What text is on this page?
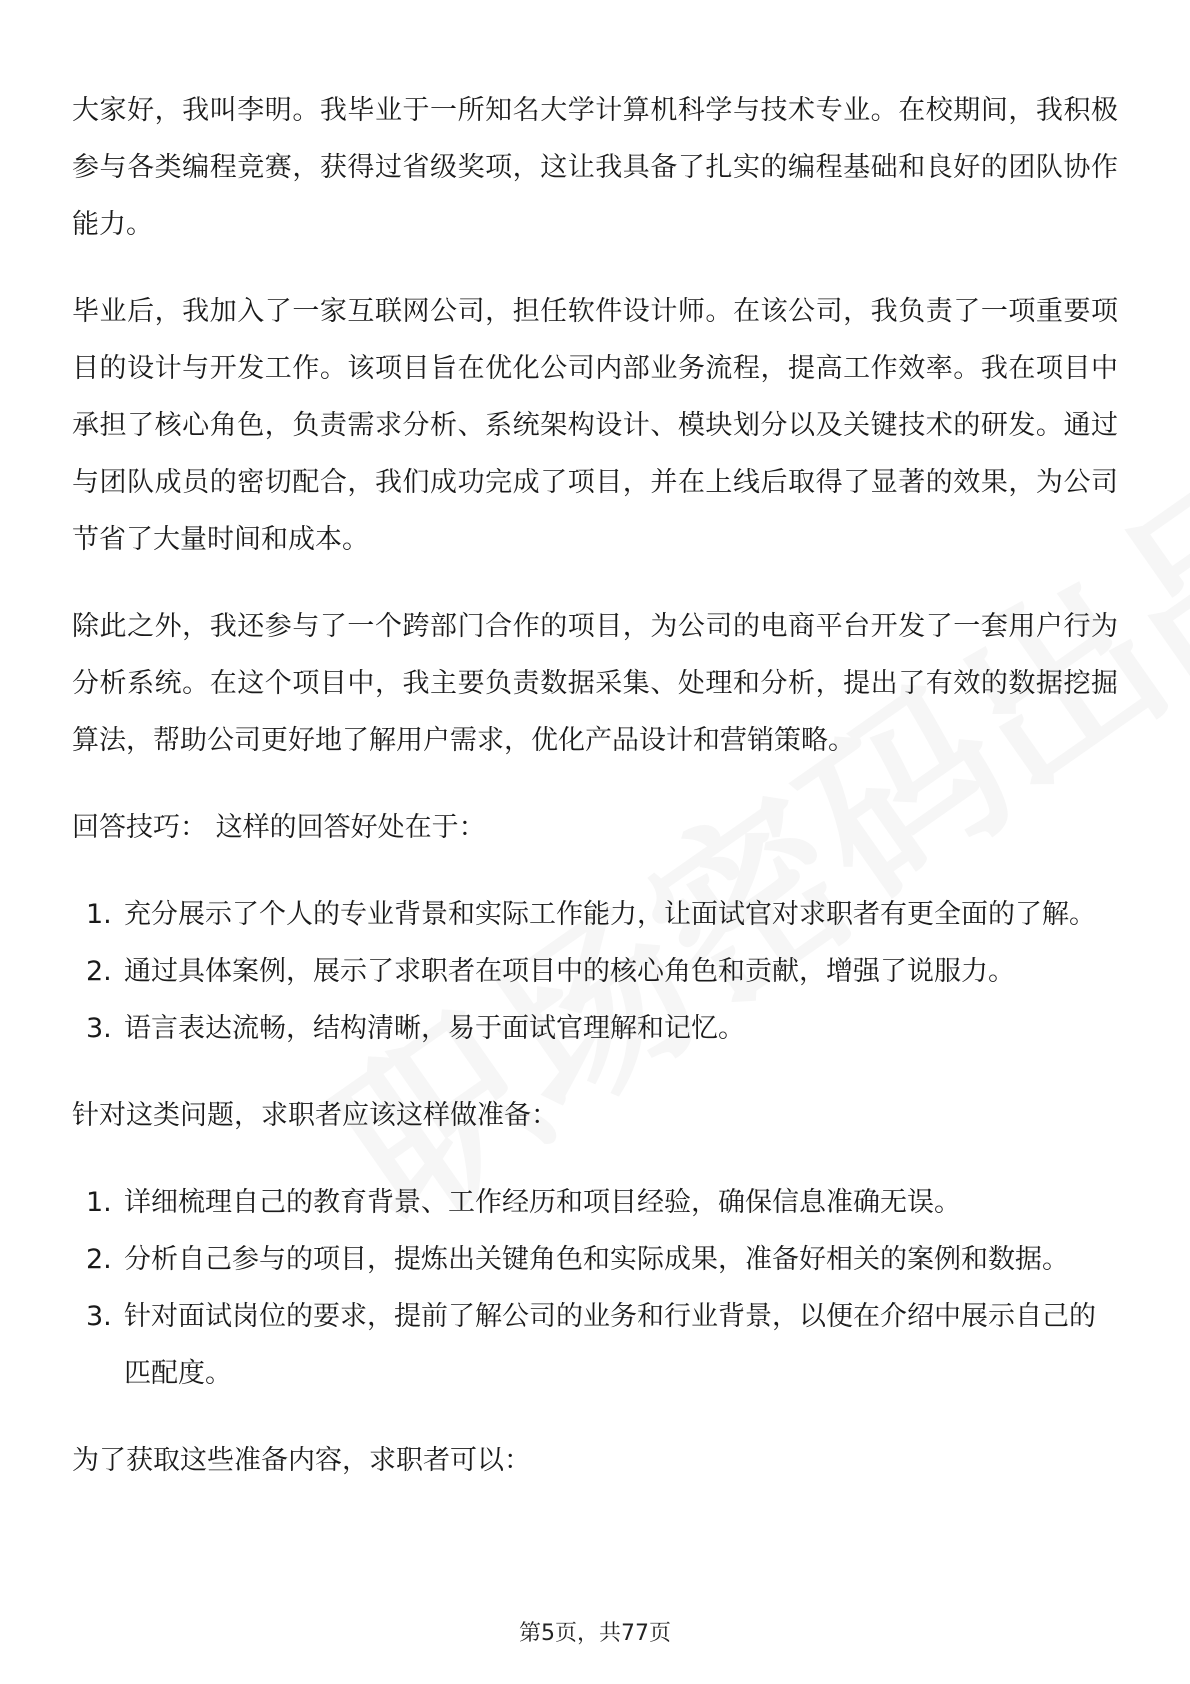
大家好，我叫李明。我毕业于一所知名大学计算机科学与技术专业。在校期间，我积极参与各类编程竞赛，获得过省级奖项，这让我具备了扎实的编程基础和良好的团队协作能力。

毕业后，我加入了一家互联网公司，担任软件设计师。在该公司，我负责了一项重要项目的设计与开发工作。该项目旨在优化公司内部业务流程，提高工作效率。我在项目中承担了核心角色，负责需求分析、系统架构设计、模块划分以及关键技术的研发。通过与团队成员的密切配合，我们成功完成了项目，并在上线后取得了显著的效果，为公司节省了大量时间和成本。

除此之外，我还参与了一个跨部门合作的项目，为公司的电商平台开发了一套用户行为分析系统。在这个项目中，我主要负责数据采集、处理和分析，提出了有效的数据挖掘算法，帮助公司更好地了解用户需求，优化产品设计和营销策略。

回答技巧： 这样的回答好处在于：

1. 充分展示了个人的专业背景和实际工作能力，让面试官对求职者有更全面的了解。
2. 通过具体案例，展示了求职者在项目中的核心角色和贡献，增强了说服力。
3. 语言表达流畅，结构清晰，易于面试官理解和记忆。

针对这类问题，求职者应该这样做准备：

1. 详细梳理自己的教育背景、工作经历和项目经验，确保信息准确无误。
2. 分析自己参与的项目，提炼出关键角色和实际成果，准备好相关的案例和数据。
3. 针对面试岗位的要求，提前了解公司的业务和行业背景，以便在介绍中展示自己的匹配度。

为了获取这些准备内容，求职者可以：

第5页，共77页
